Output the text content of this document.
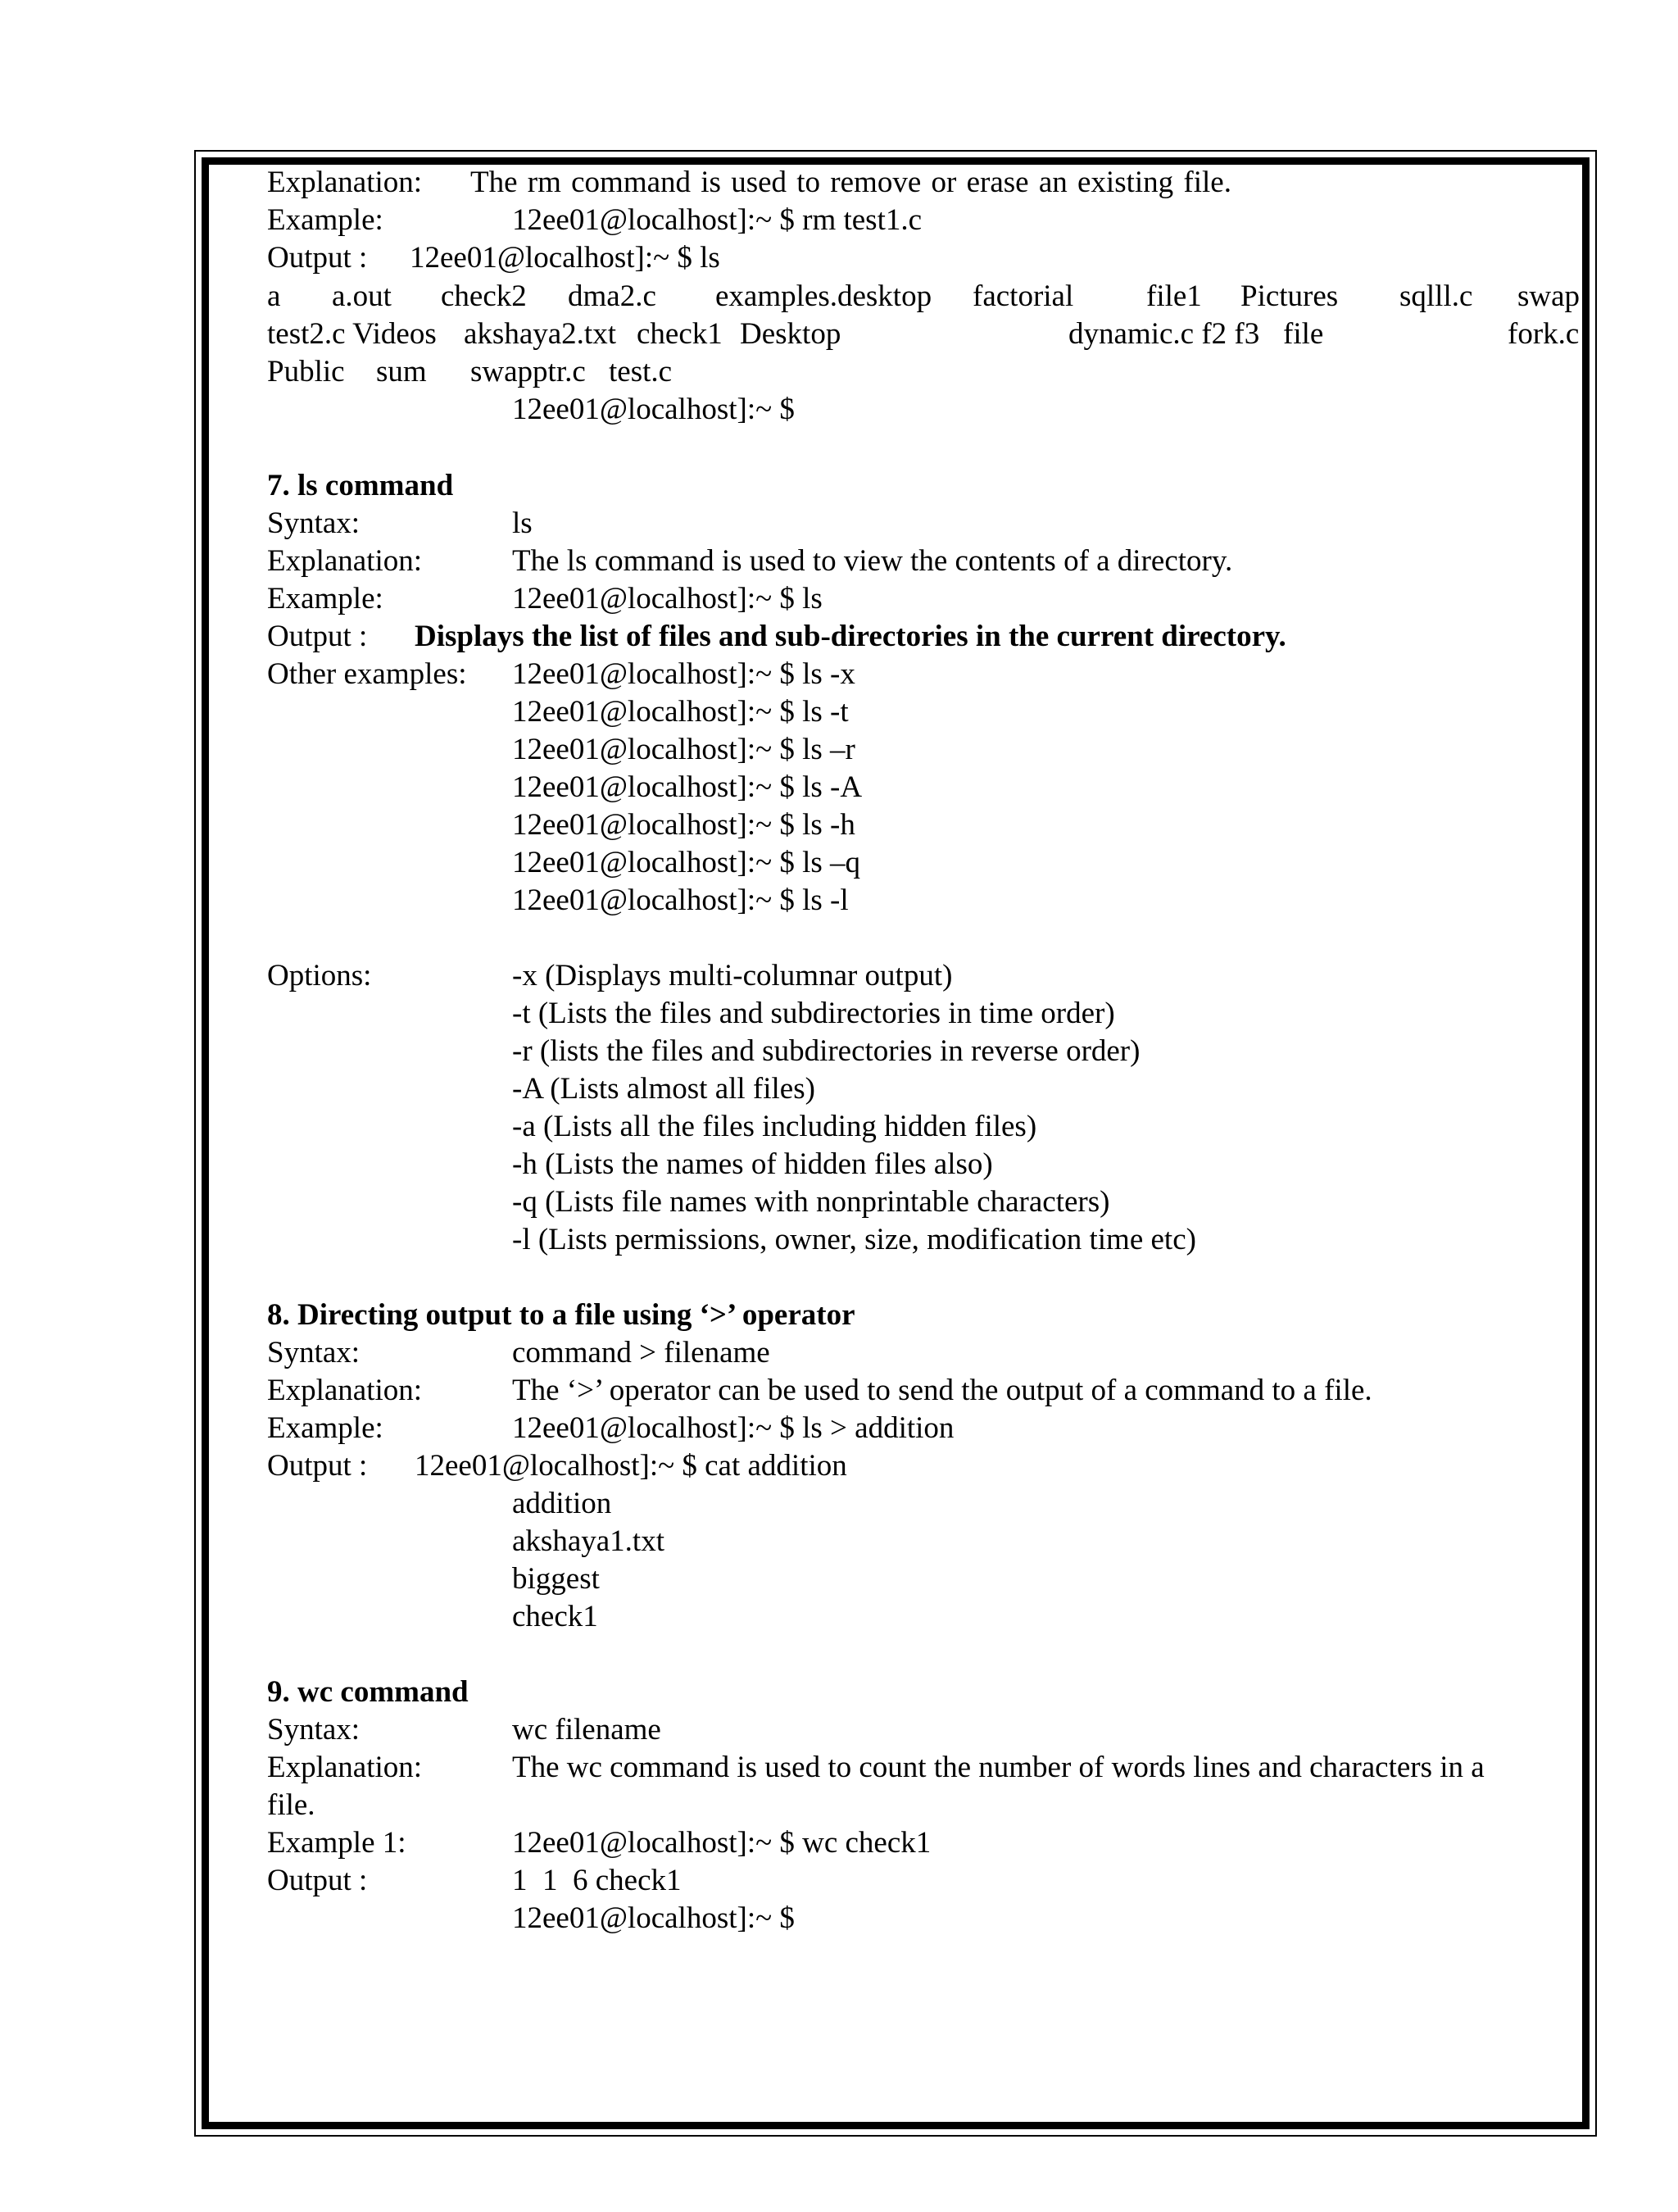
Explanation: The rm command is used to remove or erase an existing file.
Example:	12ee01@localhost]:~ $ rm test1.c
Output : 12ee01@localhost]:~ $ ls
a a.out check2 dma2.c examples.desktop factorial file1 Pictures sqlll.c swap
test2.c Videos akshaya2.txt check1 Desktop	dynamic.c f2 f3 file	fork.c
Public sum swapptr.c test.c
12ee01@localhost]:~ $
7. ls command
Syntax:	ls
Explanation:	The ls command is used to view the contents of a directory.
Example:	12ee01@localhost]:~ $ ls
Output : Displays the list of files and sub-directories in the current directory.
Other examples: 12ee01@localhost]:~ $ ls -x
12ee01@localhost]:~ $ ls -t
12ee01@localhost]:~ $ ls –r
12ee01@localhost]:~ $ ls -A
12ee01@localhost]:~ $ ls -h
12ee01@localhost]:~ $ ls –q
12ee01@localhost]:~ $ ls -l
Options:	-x (Displays multi-columnar output)
-t (Lists the files and subdirectories in time order)
-r (lists the files and subdirectories in reverse order)
-A (Lists almost all files)
-a (Lists all the files including hidden files)
-h (Lists the names of hidden files also)
-q (Lists file names with nonprintable characters)
-l (Lists permissions, owner, size, modification time etc)
8. Directing output to a file using ‘>’ operator
Syntax:	command > filename
Explanation:	The ‘>’ operator can be used to send the output of a command to a file.
Example:	12ee01@localhost]:~ $ ls > addition
Output : 12ee01@localhost]:~ $ cat addition
addition
akshaya1.txt
biggest
check1
9. wc command
Syntax:	wc filename
Explanation:	The wc command is used to count the number of words lines and characters in a
file.
Example 1:	12ee01@localhost]:~ $ wc check1
Output :	1  1  6 check1
12ee01@localhost]:~ $
